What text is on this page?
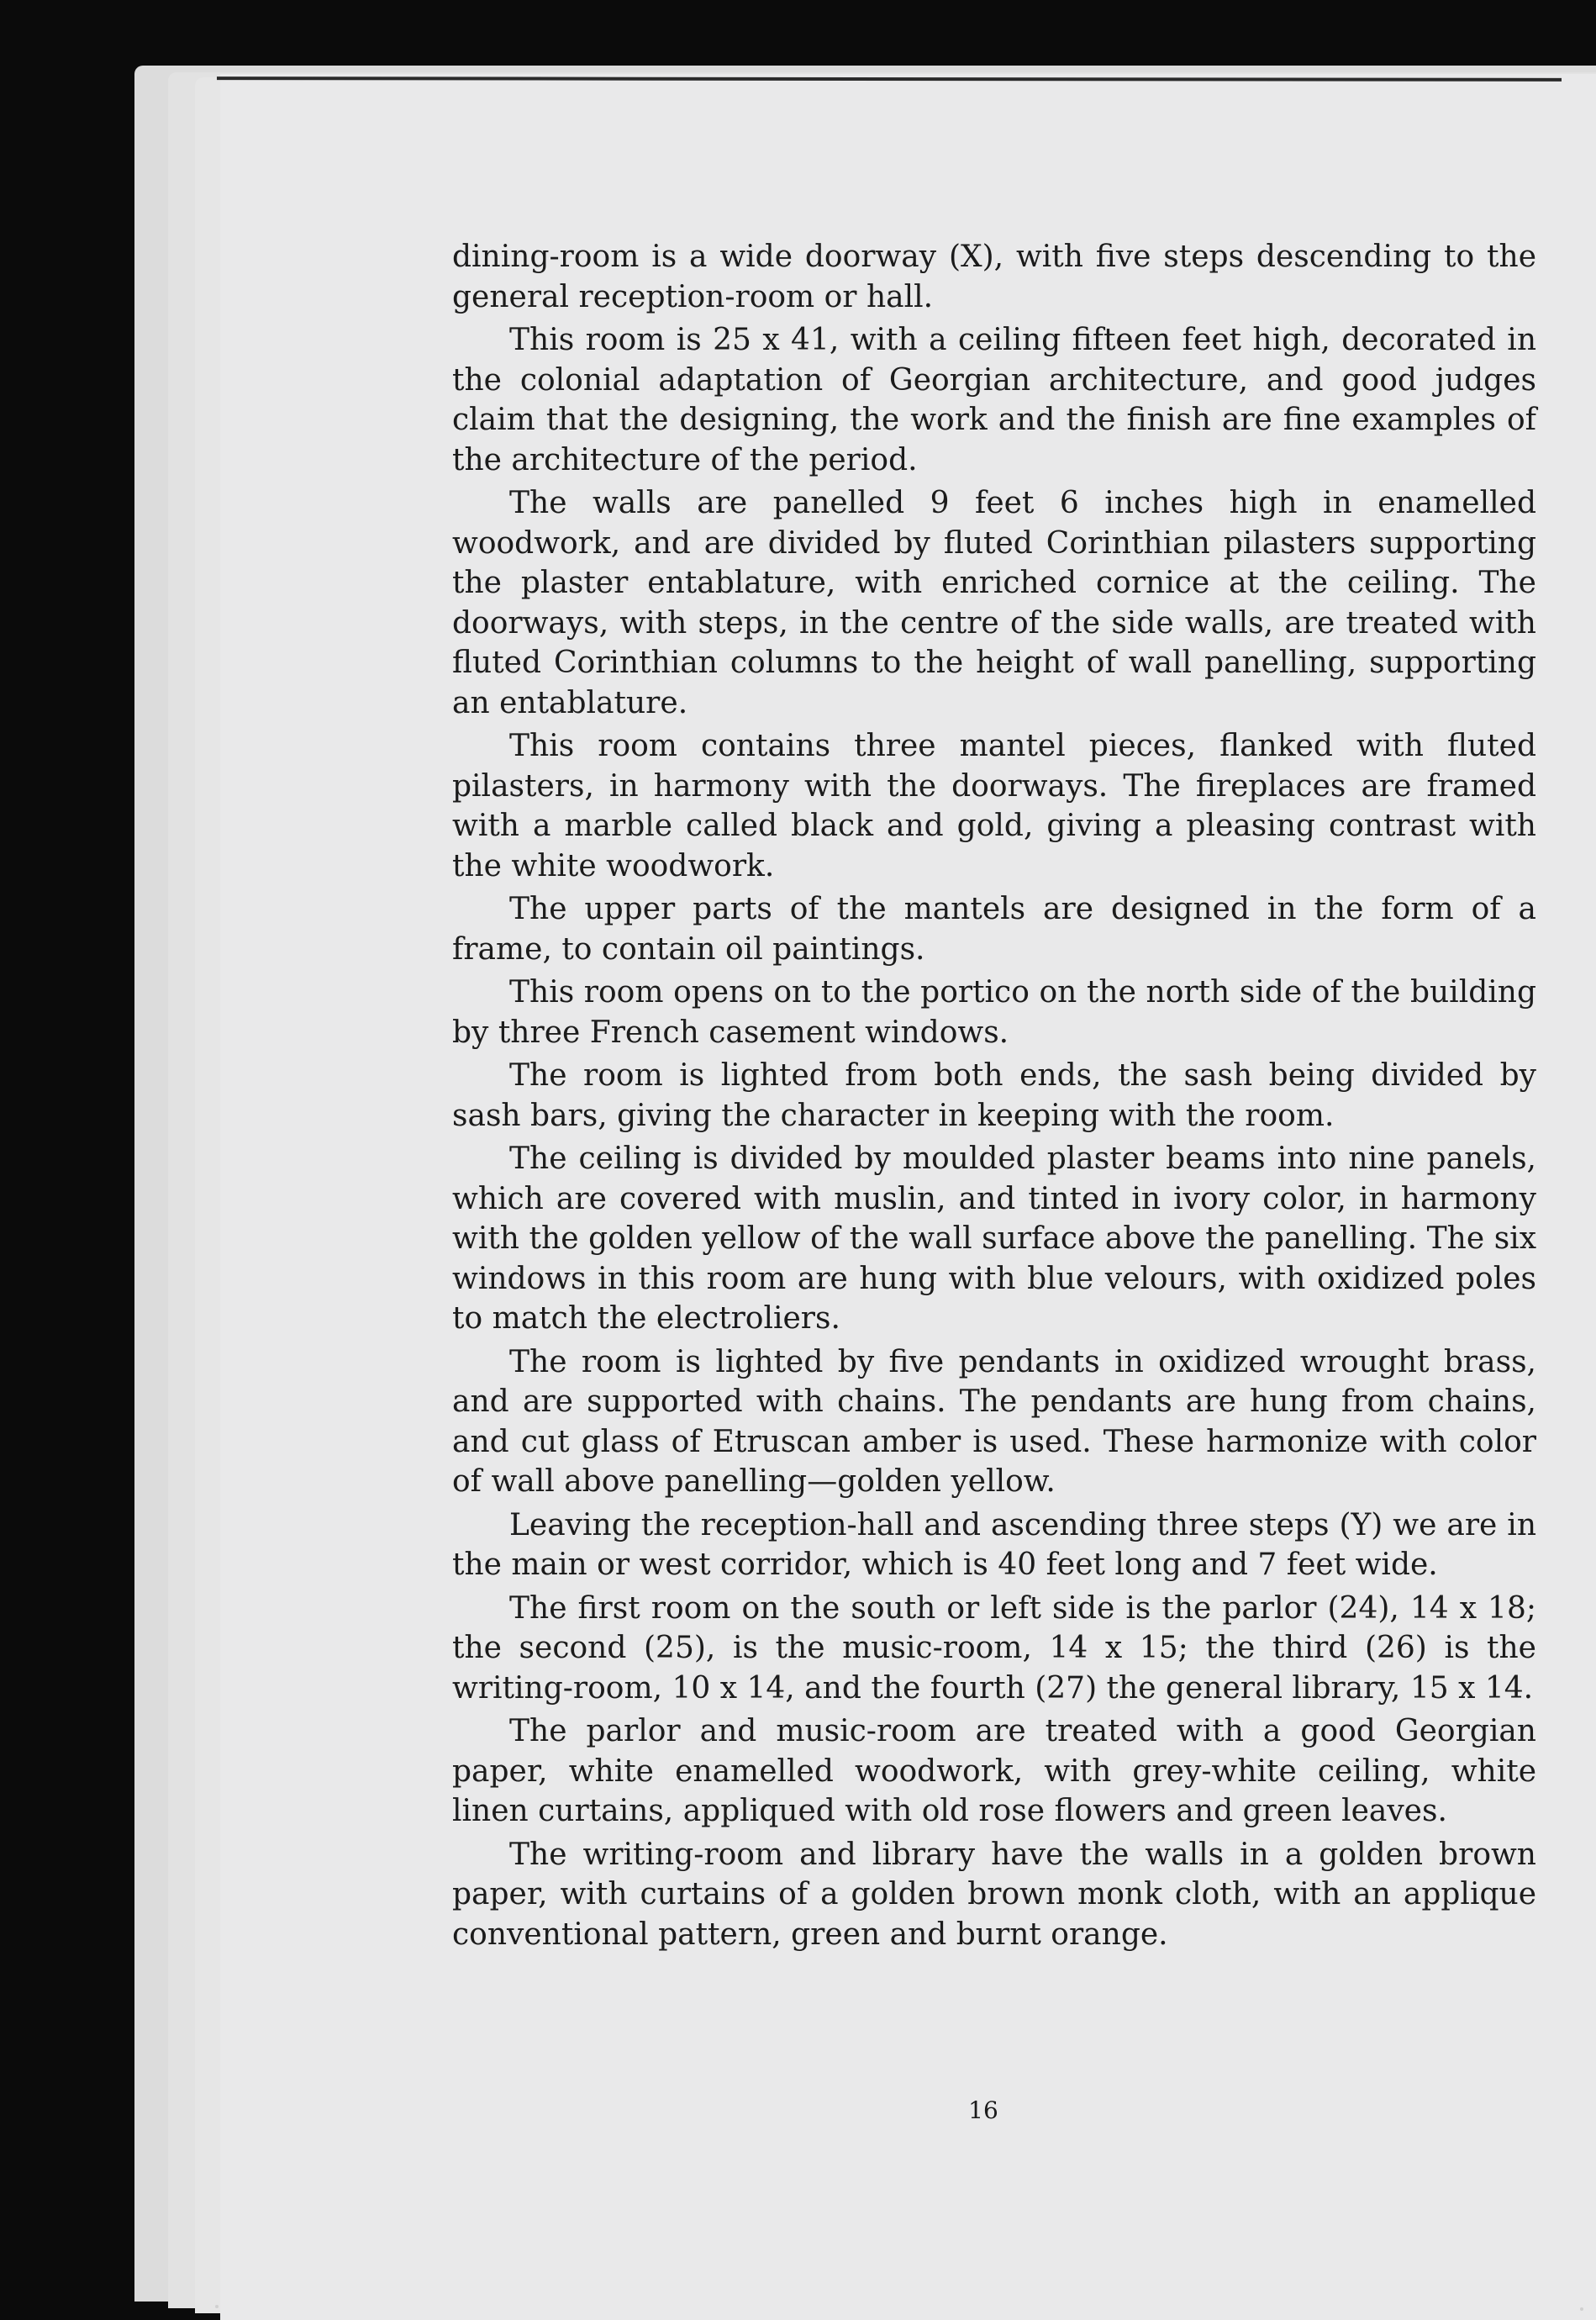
dining-room is a wide doorway (X), with five steps descending to the general reception-room or hall.

This room is 25 x 41, with a ceiling fifteen feet high, decorated in the colonial adaptation of Georgian architecture, and good judges claim that the designing, the work and the finish are fine examples of the architecture of the period.

The walls are panelled 9 feet 6 inches high in enamelled woodwork, and are divided by fluted Corinthian pilasters supporting the plaster entablature, with enriched cornice at the ceiling. The doorways, with steps, in the centre of the side walls, are treated with fluted Corinthian columns to the height of wall panelling, supporting an entablature.

This room contains three mantel pieces, flanked with fluted pilasters, in harmony with the doorways. The fireplaces are framed with a marble called black and gold, giving a pleasing contrast with the white woodwork.

The upper parts of the mantels are designed in the form of a frame, to contain oil paintings.

This room opens on to the portico on the north side of the building by three French casement windows.

The room is lighted from both ends, the sash being divided by sash bars, giving the character in keeping with the room.

The ceiling is divided by moulded plaster beams into nine panels, which are covered with muslin, and tinted in ivory color, in harmony with the golden yellow of the wall surface above the panelling. The six windows in this room are hung with blue velours, with oxidized poles to match the electroliers.

The room is lighted by five pendants in oxidized wrought brass, and are supported with chains. The pendants are hung from chains, and cut glass of Etruscan amber is used. These harmonize with color of wall above panelling—golden yellow.

Leaving the reception-hall and ascending three steps (Y) we are in the main or west corridor, which is 40 feet long and 7 feet wide.

The first room on the south or left side is the parlor (24), 14 x 18; the second (25), is the music-room, 14 x 15; the third (26) is the writing-room, 10 x 14, and the fourth (27) the general library, 15 x 14.

The parlor and music-room are treated with a good Georgian paper, white enamelled woodwork, with grey-white ceiling, white linen curtains, appliqued with old rose flowers and green leaves.

The writing-room and library have the walls in a golden brown paper, with curtains of a golden brown monk cloth, with an applique conventional pattern, green and burnt orange.

16
